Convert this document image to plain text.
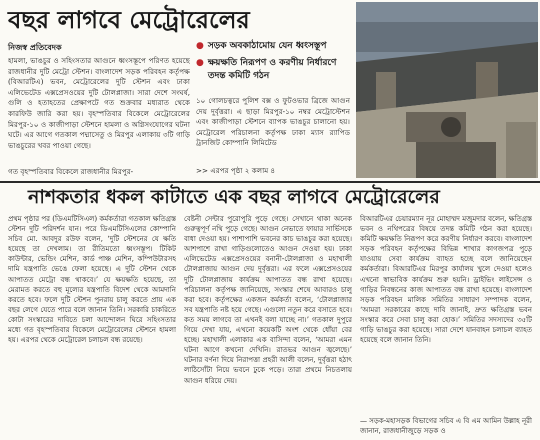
বছর লাগবে মেট্রোরেলের
নিজস্ব প্রতিবেদক

হামলা, ভাঙচুর ও সহিংসতার আগুনে ধ্বংসস্তূপে পরিণত হয়েছে রাজধানীর দুটি মেট্রো স্টেশন। বাংলাদেশ সড়ক পরিবহন কর্তৃপক্ষ (বিআরটিএ) ভবন, মেট্রোরেলের দুটি স্টেশন এবং ঢাকা এলিভেটেড এক্সপ্রেসওয়ের দুটি টোলপ্লাজা। সারা দেশে সংঘর্ষ, গুলি ও হতাহতের প্রেক্ষাপটে গত শুক্রবার মধ্যরাত থেকে কারফিউ জারি করা হয়। বৃহস্পতিবার বিকেলে মেট্রোরেলের মিরপুর-১০ ও কাজীপাড়া স্টেশনে হামলা ও অগ্নিসংযোগের ঘটনা ঘটে। এর আগে গতকাল পদ্মাসেতু ও মিরপুর এলাকায় ৩টি গাড়ি ভাঙচুরের খবর পাওয়া গেছে।

গত বৃহস্পতিবার বিকেলে রাজধানীর মিরপুর-

● সড়ক অবকাঠামোয় যেন ধ্বংসস্তূপ
● ক্ষয়ক্ষতি নিরূপণ ও করণীয় নির্ধারণে তদন্ত কমিটি গঠন

১০ গোলচত্বরে পুলিশ বক্স ও ফুটওভার ব্রিজে আগুন দেয় দুর্বৃত্তরা। এ ছাড়া মিরপুর-১০ নম্বর মেট্রোস্টেশন এবং কাজীপাড়া স্টেশনে ব্যাপক ভাঙচুর চালানো হয়। মেট্রোরেল পরিচালনা কর্তৃপক্ষ ঢাকা ম্যাস র‍্যাপিড ট্রানজিট কোম্পানি লিমিটেড

>> এরপর পৃষ্ঠা ২ কলাম ৪
নাশকতার ধকল কাটাতে এক বছর লাগবে মেট্রোরেলের

প্রথম পৃষ্ঠার পর (ডিএমটিসিএল) কর্মকর্তারা গতকাল ক্ষতিগ্রস্ত স্টেশন দুটি পরিদর্শন যান। পরে ডিএমটিসিএলের কোম্পানি সচিব মো. আবদুর রউফ বলেন, ‘দুটি স্টেশনের যে ক্ষতি হয়েছে তা দেখলাম। তা রীতিমতো ধ্বংসস্তূপ। টিকিট কাউন্টার, ভেন্ডিং মেশিন, কার্ড পাঞ্চ মেশিন, কম্পিউটারসহ দামি যন্ত্রপাতি ভেঙে ফেলা হয়েছে। এ দুটি স্টেশন থেকে আপাতত মেট্রো বন্ধ থাকবে।’ যে ক্ষয়ক্ষতি হয়েছে, তা মেরামত করতে বহু মূল্যের যন্ত্রপাতি বিদেশ থেকে আমদানি করতে হবে। ফলে দুটি স্টেশন পুনরায় চালু করতে প্রায় এক বছর লেগে যেতে পারে বলে জানান তিনি। সরকারি চাকরিতে কোটা সংস্কারের দাবিতে চলা আন্দোলন ঘিরে সহিংসতার মধ্যে গত বৃহস্পতিবার বিকেলে মেট্রোরেলের স্টেশনে হামলা হয়। এরপর থেকে মেট্রোরেল চলাচল বন্ধ রয়েছে।

বেষ্টনী সেন্টার পুরোপুরি পুড়ে গেছে। সেখানে থাকা অনেক গুরুত্বপূর্ণ নথি পুড়ে গেছে। আগুন নেভাতে ফায়ার সার্ভিসকে বাধা দেওয়া হয়। পাশাপাশি ভবনের কাচ ভাঙচুর করা হয়েছে। আশপাশে রাখা গাড়িগুলোতেও আগুন দেওয়া হয়। ঢাকা এলিভেটেড এক্সপ্রেসওয়ের বনানী-টোলপ্লাজা ও মহাখালী টোলপ্লাজায় আগুন দেয় দুর্বৃত্তরা। এর ফলে এক্সপ্রেসওয়ের দুটি টোলপ্লাজায় কার্যক্রম আপাতত বন্ধ রাখা হয়েছে। পরিচালনা কর্তৃপক্ষ জানিয়েছে, সংস্কার শেষে আবারও চালু করা হবে। কর্তৃপক্ষের একজন কর্মকর্তা বলেন, ‘টোলপ্লাজার সব যন্ত্রপাতি নষ্ট হয়ে গেছে। এগুলো নতুন করে বসাতে হবে। কত সময় লাগবে তা এখনই বলা যাচ্ছে না।’ গতকাল দুপুরে গিয়ে দেখা যায়, এখনো কয়েকটি অংশ থেকে ধোঁয়া বের হচ্ছে। মহাখালী এলাকার এক বাসিন্দা বলেন, ‘আমরা এমন ঘটনা আগে কখনো দেখিনি। রাতভর আগুন জ্বলেছে।’ ঘটনার বর্ণনা দিয়ে নিরাপত্তা প্রহরী আলী বলেন, দুর্বৃত্তরা হঠাৎ লাঠিসোঁটা নিয়ে ভবনে ঢুকে পড়ে। তারা প্রথমে নিচতলায় আগুন ধরিয়ে দেয়।

বিআরটিএর চেয়ারম্যান নূর মোহাম্মদ মজুমদার বলেন, ক্ষতিগ্রস্ত ভবন ও নথিপত্রের বিষয়ে তদন্ত কমিটি গঠন করা হয়েছে। কমিটি ক্ষয়ক্ষতি নিরূপণ করে করণীয় নির্ধারণ করবে। বাংলাদেশ সড়ক পরিবহন কর্তৃপক্ষের বিভিন্ন শাখার কাগজপত্র পুড়ে যাওয়ায় সেবা কার্যক্রম ব্যাহত হচ্ছে বলে জানিয়েছেন কর্মকর্তারা। বিআরটিএর মিরপুর কার্যালয় খুলে দেওয়া হলেও এখনো স্বাভাবিক কার্যক্রম শুরু হয়নি। ড্রাইভিং লাইসেন্স ও গাড়ির নিবন্ধনের কাজ আপাতত বন্ধ রাখা হয়েছে। বাংলাদেশ সড়ক পরিবহন মালিক সমিতির সাধারণ সম্পাদক বলেন, ‘আমরা সরকারের কাছে দাবি জানাই, দ্রুত ক্ষতিগ্রস্ত ভবন সংস্কার করে সেবা চালু করা হোক।’ সমিতির সদস্যদের ৩৫টি গাড়ি ভাঙচুর করা হয়েছে। সারা দেশে যানবাহন চলাচল ব্যাহত হয়েছে বলে জানান তিনি।

— সড়ক-মহাসড়ক বিভাগের সচিব এ বি এম আমিন উল্লাহ নূরী জানান, রাজধানীজুড়ে সড়ক ও
